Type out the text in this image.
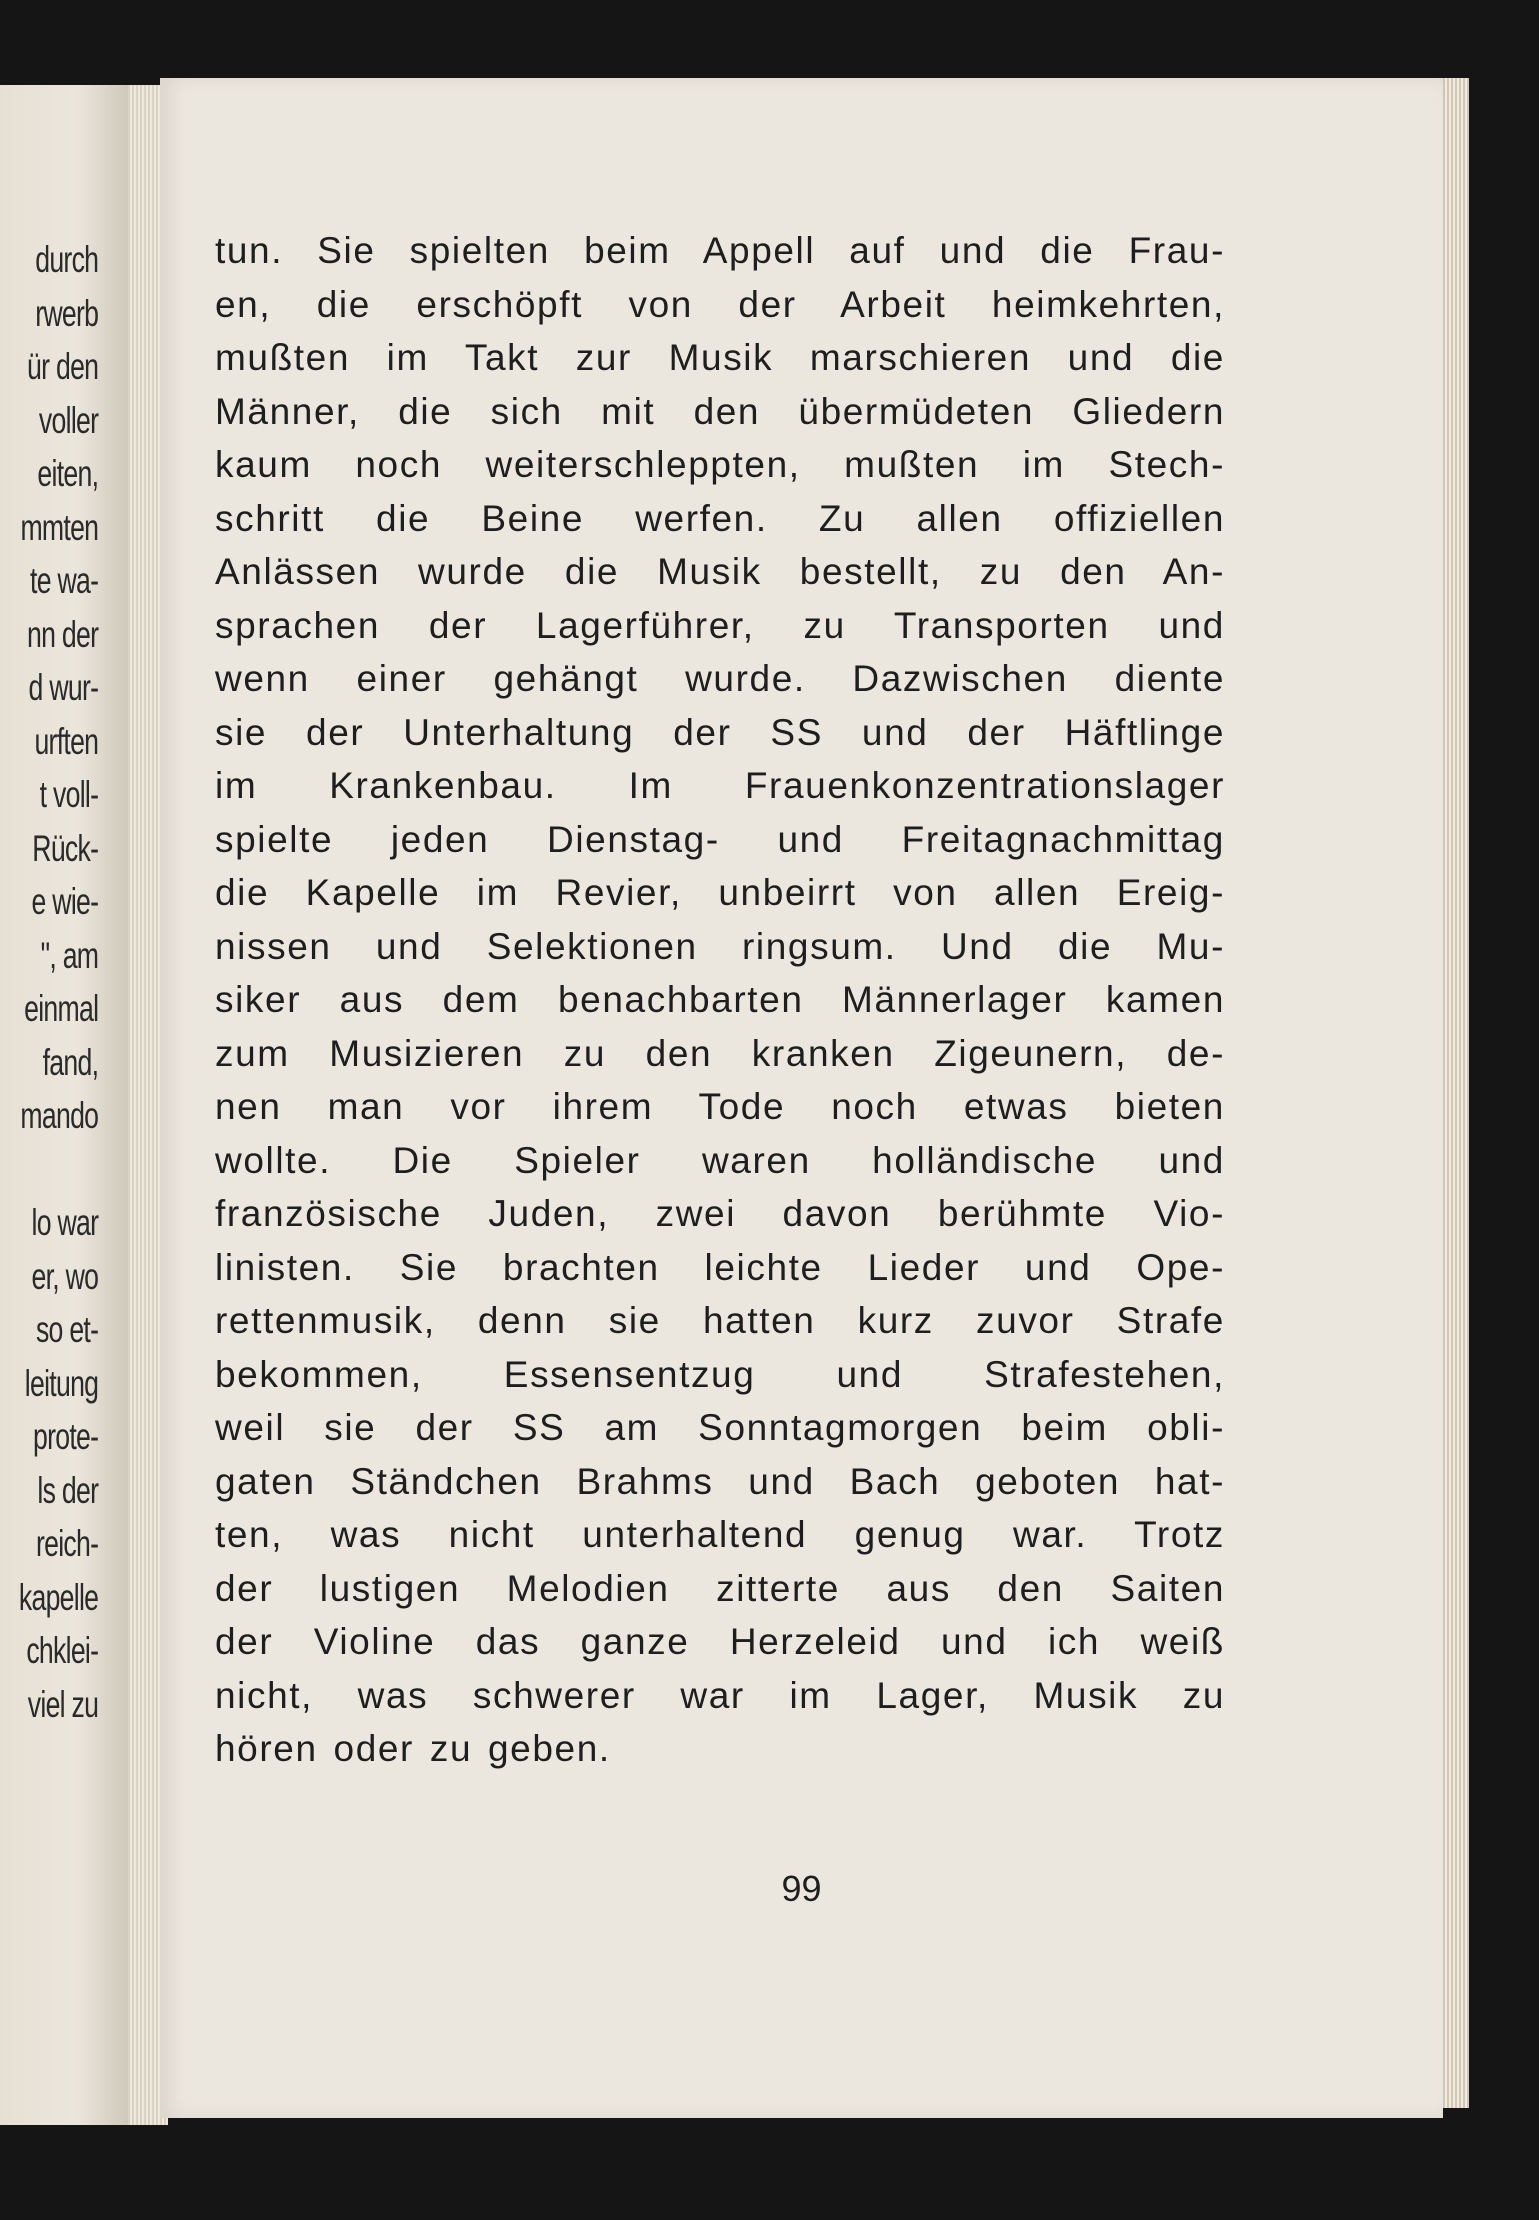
durch
rwerb
ür den
voller
eiten,
mmten
te wa-
nn der
d wur-
urften
t voll-
Rück-
e wie-
", am
einmal
fand,
mando
lo war
er, wo
so et-
leitung
prote-
ls der
reich-
kapelle
chklei-
viel zu
tun. Sie spielten beim Appell auf und die Frau-
en, die erschöpft von der Arbeit heimkehrten,
mußten im Takt zur Musik marschieren und die
Männer, die sich mit den übermüdeten Gliedern
kaum noch weiterschleppten, mußten im Stech-
schritt die Beine werfen. Zu allen offiziellen
Anlässen wurde die Musik bestellt, zu den An-
sprachen der Lagerführer, zu Transporten und
wenn einer gehängt wurde. Dazwischen diente
sie der Unterhaltung der SS und der Häftlinge
im Krankenbau. Im Frauenkonzentrationslager
spielte jeden Dienstag- und Freitagnachmittag
die Kapelle im Revier, unbeirrt von allen Ereig-
nissen und Selektionen ringsum. Und die Mu-
siker aus dem benachbarten Männerlager kamen
zum Musizieren zu den kranken Zigeunern, de-
nen man vor ihrem Tode noch etwas bieten
wollte. Die Spieler waren holländische und
französische Juden, zwei davon berühmte Vio-
linisten. Sie brachten leichte Lieder und Ope-
rettenmusik, denn sie hatten kurz zuvor Strafe
bekommen, Essensentzug und Strafestehen,
weil sie der SS am Sonntagmorgen beim obli-
gaten Ständchen Brahms und Bach geboten hat-
ten, was nicht unterhaltend genug war. Trotz
der lustigen Melodien zitterte aus den Saiten
der Violine das ganze Herzeleid und ich weiß
nicht, was schwerer war im Lager, Musik zu
hören oder zu geben.
99
